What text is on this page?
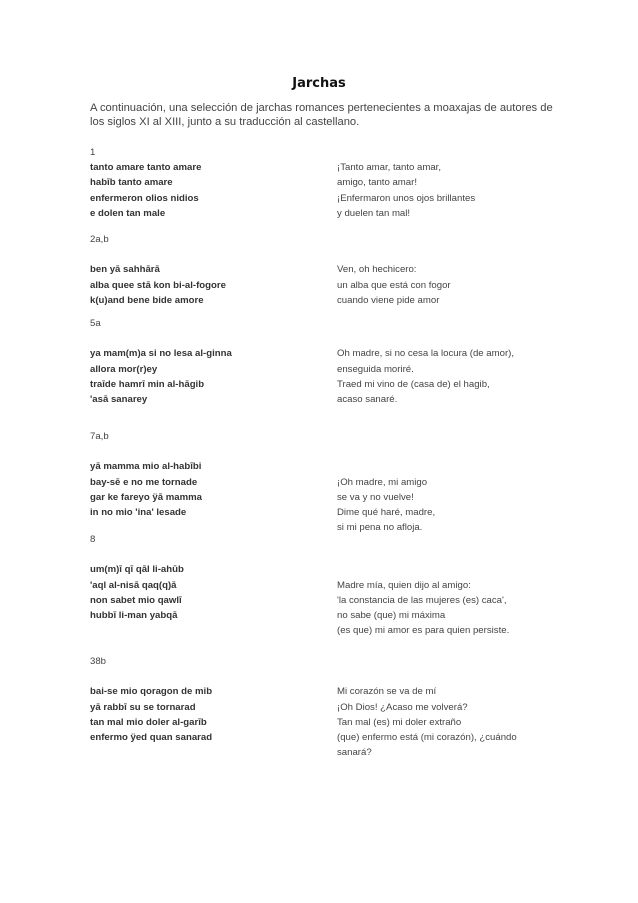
Jarchas
A continuación, una selección de jarchas romances pertenecientes a moaxajas de autores de los siglos XI al XIII, junto a su traducción al castellano.
1
tanto amare tanto amare	¡Tanto amar, tanto amar,
habīb tanto amare	amigo, tanto amar!
enfermeron olios nidios	¡Enfermaron unos ojos brillantes
e dolen tan male	y duelen tan mal!
2a,b
ben yā sahhārā	Ven, oh hechicero:
alba quee stā kon bi-al-fogore	un alba que está con fogor
k(u)and bene bide amore	cuando viene pide amor
5a
ya mam(m)a si no lesa al-ginna	Oh madre, si no cesa la locura (de amor),
allora mor(r)ey	enseguida moriré.
traīde hamrī min al-hāgib	Traed mi vino de (casa de) el hagib,
'asā sanarey	acaso sanaré.
7a,b
yā mamma mio al-habībi
bay-sē e no me tornade	¡Oh madre, mi amigo
gar ke fareyo ÿā mamma	se va y no vuelve!
in no mio 'ina' lesade	Dime qué haré, madre,
si mi pena no afloja.
8
um(m)ī qī qāl li-ahūb
'aql al-nisā qaq(q)ā	Madre mía, quien dijo al amigo:
non sabet mio qawlī	'la constancia de las mujeres (es) caca',
hubbī li-man yabqā	no sabe (que) mi máxima
(es que) mi amor es para quien persiste.
38b
bai-se mio qoragon de mib	Mi corazón se va de mí
yā rabbī su se tornarad	¡Oh Dios! ¿Acaso me volverá?
tan mal mio doler al-garīb	Tan mal (es) mi doler extraño
enfermo ÿed quan sanarad	(que) enfermo está (mi corazón), ¿cuándo
sanará?
